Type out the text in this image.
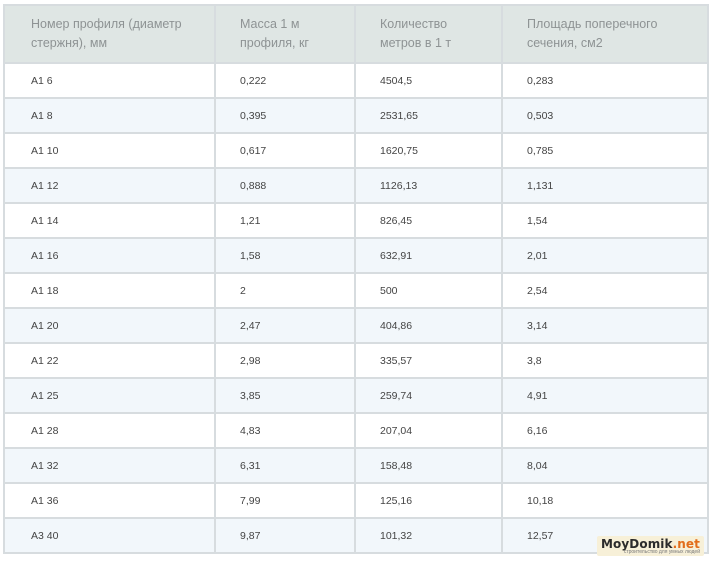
Номер профиля (диаметр стержня), мм	Масса 1 м профиля, кг	Количество метров в 1 т	Площадь поперечного сечения, см2
А1 6	0,222	4504,5	0,283
А1 8	0,395	2531,65	0,503
А1 10	0,617	1620,75	0,785
А1 12	0,888	1126,13	1,131
А1 14	1,21	826,45	1,54
А1 16	1,58	632,91	2,01
А1 18	2	500	2,54
А1 20	2,47	404,86	3,14
А1 22	2,98	335,57	3,8
А1 25	3,85	259,74	4,91
А1 28	4,83	207,04	6,16
А1 32	6,31	158,48	8,04
А1 36	7,99	125,16	10,18
А3 40	9,87	101,32	12,57
MoyDomik.net
строительство для умных людей
